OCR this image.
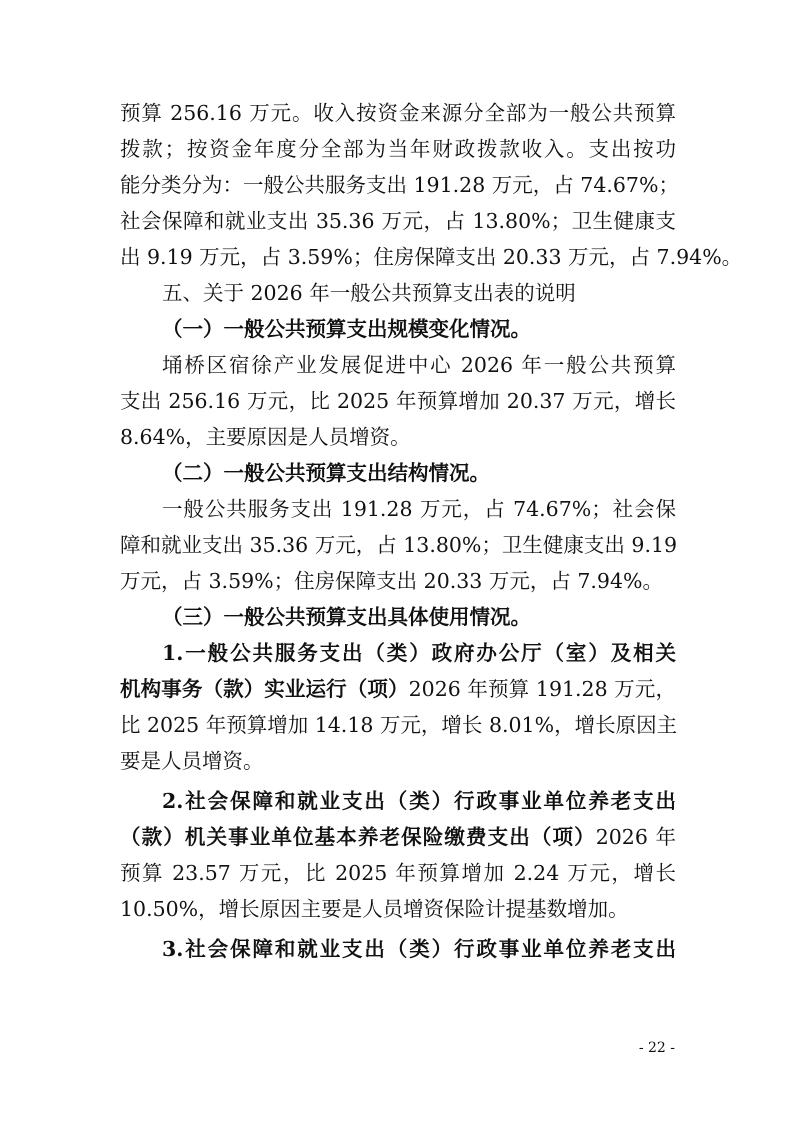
预算 256.16 万元。收入按资金来源分全部为一般公共预算
拨款；按资金年度分全部为当年财政拨款收入。支出按功
能分类分为：一般公共服务支出 191.28 万元，占 74.67%；
社会保障和就业支出 35.36 万元，占 13.80%；卫生健康支
出 9.19 万元，占 3.59%；住房保障支出 20.33 万元，占 7.94%。
五、关于 2026 年一般公共预算支出表的说明
（一）一般公共预算支出规模变化情况。
埇桥区宿徐产业发展促进中心 2026 年一般公共预算
支出 256.16 万元，比 2025 年预算增加 20.37 万元，增长
8.64%，主要原因是人员增资。
（二）一般公共预算支出结构情况。
一般公共服务支出 191.28 万元，占 74.67%；社会保
障和就业支出 35.36 万元，占 13.80%；卫生健康支出 9.19
万元，占 3.59%；住房保障支出 20.33 万元，占 7.94%。
（三）一般公共预算支出具体使用情况。
1.一般公共服务支出（类）政府办公厅（室）及相关
机构事务（款）实业运行（项）2026 年预算 191.28 万元，
比 2025 年预算增加 14.18 万元，增长 8.01%，增长原因主
要是人员增资。
2.社会保障和就业支出（类）行政事业单位养老支出
（款）机关事业单位基本养老保险缴费支出（项）2026 年
预算 23.57 万元，比 2025 年预算增加 2.24 万元，增长
10.50%，增长原因主要是人员增资保险计提基数增加。
3.社会保障和就业支出（类）行政事业单位养老支出
- 22 -
